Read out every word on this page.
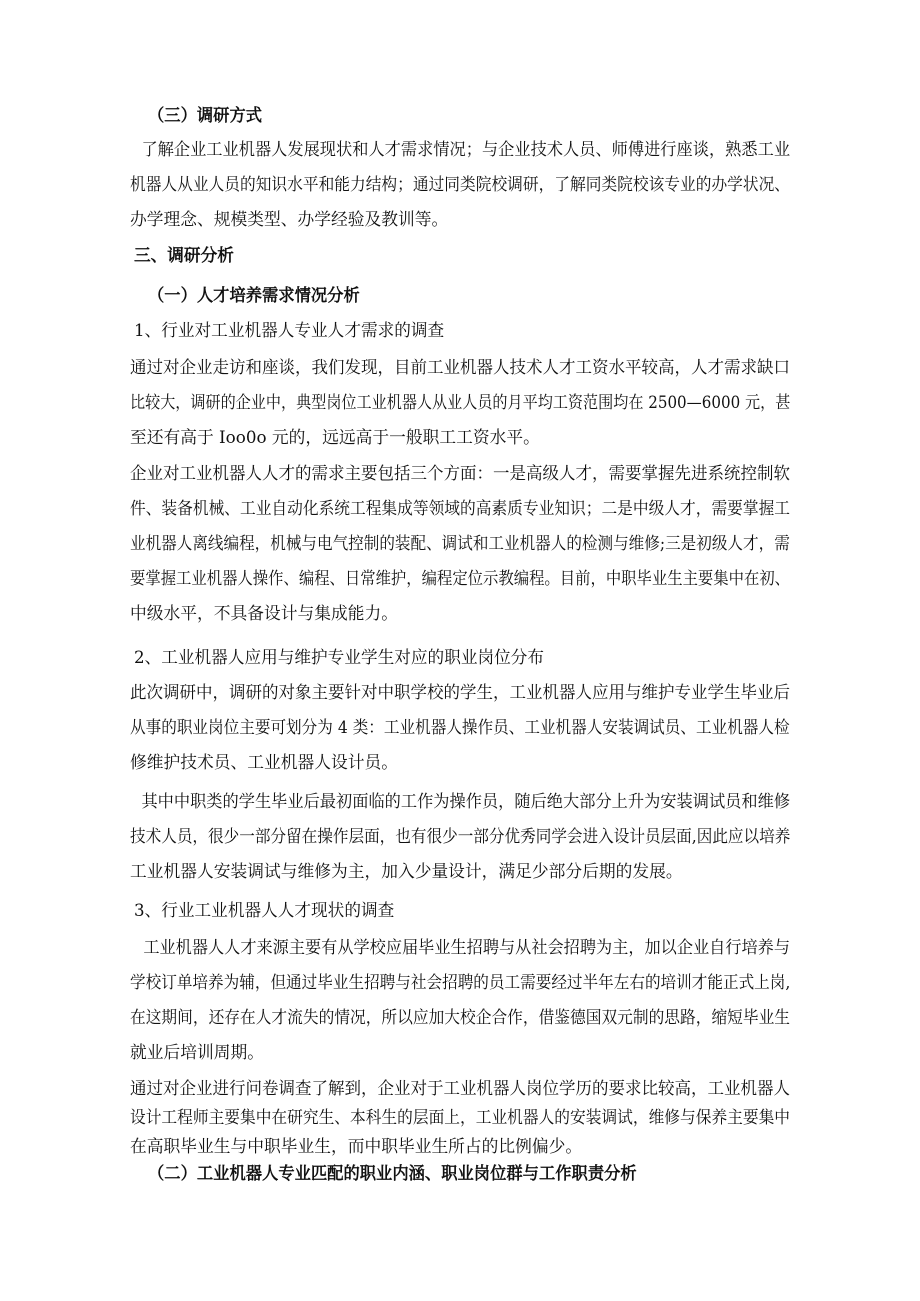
（三）调研方式
了解企业工业机器人发展现状和人才需求情况；与企业技术人员、师傅进行座谈，熟悉工业
机器人从业人员的知识水平和能力结构；通过同类院校调研，了解同类院校该专业的办学状况、
办学理念、规模类型、办学经验及教训等。
三、调研分析
（一）人才培养需求情况分析
1、行业对工业机器人专业人才需求的调查
通过对企业走访和座谈，我们发现，目前工业机器人技术人才工资水平较高，人才需求缺口
比较大，调研的企业中，典型岗位工业机器人从业人员的月平均工资范围均在 2500—6000 元，甚
至还有高于 Ioo0o 元的，远远高于一般职工工资水平。
企业对工业机器人人才的需求主要包括三个方面：一是高级人才，需要掌握先进系统控制软
件、装备机械、工业自动化系统工程集成等领域的高素质专业知识；二是中级人才，需要掌握工
业机器人离线编程，机械与电气控制的装配、调试和工业机器人的检测与维修;三是初级人才，需
要掌握工业机器人操作、编程、日常维护，编程定位示教编程。目前，中职毕业生主要集中在初、
中级水平，不具备设计与集成能力。
2、工业机器人应用与维护专业学生对应的职业岗位分布
此次调研中，调研的对象主要针对中职学校的学生，工业机器人应用与维护专业学生毕业后
从事的职业岗位主要可划分为 4 类：工业机器人操作员、工业机器人安装调试员、工业机器人检
修维护技术员、工业机器人设计员。
其中中职类的学生毕业后最初面临的工作为操作员，随后绝大部分上升为安装调试员和维修
技术人员，很少一部分留在操作层面，也有很少一部分优秀同学会进入设计员层面,因此应以培养
工业机器人安装调试与维修为主，加入少量设计，满足少部分后期的发展。
3、行业工业机器人人才现状的调查
工业机器人人才来源主要有从学校应届毕业生招聘与从社会招聘为主，加以企业自行培养与
学校订单培养为辅，但通过毕业生招聘与社会招聘的员工需要经过半年左右的培训才能正式上岗,
在这期间，还存在人才流失的情况，所以应加大校企合作，借鉴德国双元制的思路，缩短毕业生
就业后培训周期。
通过对企业进行问卷调查了解到，企业对于工业机器人岗位学历的要求比较高，工业机器人
设计工程师主要集中在研究生、本科生的层面上，工业机器人的安装调试，维修与保养主要集中
在高职毕业生与中职毕业生，而中职毕业生所占的比例偏少。
（二）工业机器人专业匹配的职业内涵、职业岗位群与工作职责分析
